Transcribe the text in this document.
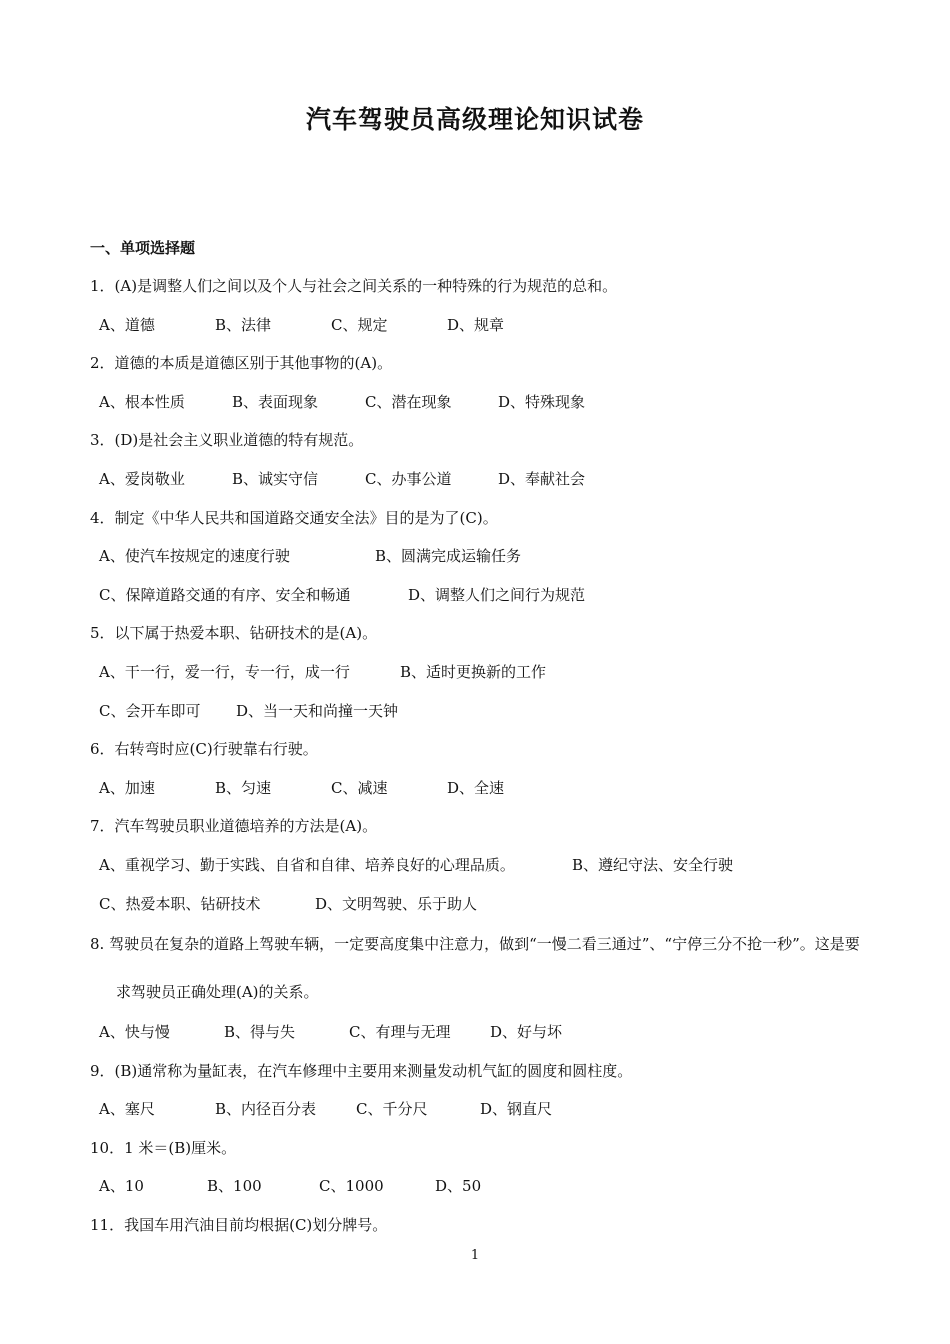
汽车驾驶员高级理论知识试卷
一、单项选择题
1．(A)是调整人们之间以及个人与社会之间关系的一种特殊的行为规范的总和。
A、道德	B、法律	C、规定	D、规章
2．道德的本质是道德区别于其他事物的(A)。
A、根本性质	B、表面现象	C、潜在现象	D、特殊现象
3．(D)是社会主义职业道德的特有规范。
A、爱岗敬业	B、诚实守信	C、办事公道	D、奉献社会
4．制定《中华人民共和国道路交通安全法》目的是为了(C)。
A、使汽车按规定的速度行驶	B、圆满完成运输任务
C、保障道路交通的有序、安全和畅通	D、调整人们之间行为规范
5．以下属于热爱本职、钻研技术的是(A)。
A、干一行，爱一行，专一行，成一行	B、适时更换新的工作
C、会开车即可 D、当一天和尚撞一天钟
6．右转弯时应(C)行驶靠右行驶。
A、加速	B、匀速	C、减速	D、全速
7．汽车驾驶员职业道德培养的方法是(A)。
A、重视学习、勤于实践、自省和自律、培养良好的心理品质。	B、遵纪守法、安全行驶
C、热爱本职、钻研技术	D、文明驾驶、乐于助人
8. 驾驶员在复杂的道路上驾驶车辆，一定要高度集中注意力，做到“一慢二看三通过”、“宁停三分不抢一秒”。这是要求驾驶员正确处理(A)的关系。
A、快与慢	B、得与失	C、有理与无理	D、好与坏
9．(B)通常称为量缸表，在汽车修理中主要用来测量发动机气缸的圆度和圆柱度。
A、塞尺	B、内径百分表	C、千分尺	D、钢直尺
10．1 米＝(B)厘米。
A、10	B、100	C、1000	D、50
11．我国车用汽油目前均根据(C)划分牌号。
1
